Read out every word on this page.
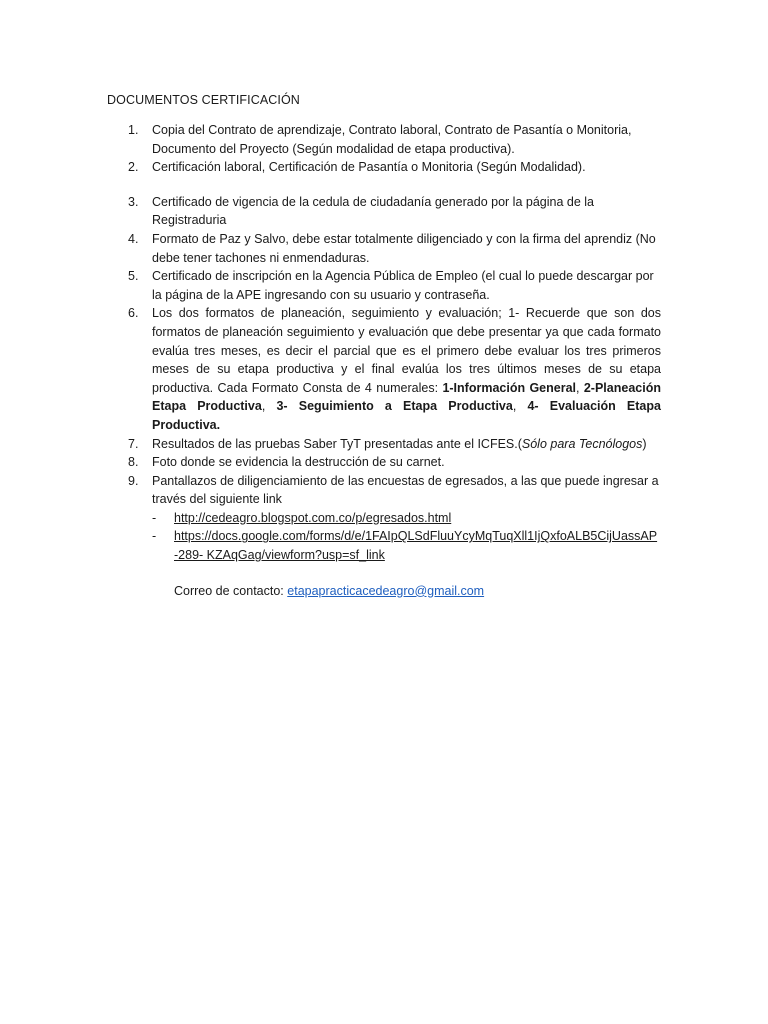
DOCUMENTOS CERTIFICACIÓN
1. Copia del Contrato de aprendizaje, Contrato laboral, Contrato de Pasantía o Monitoria, Documento del Proyecto (Según modalidad de etapa productiva).
2. Certificación laboral, Certificación de Pasantía o Monitoria (Según Modalidad).
3. Certificado de vigencia de la cedula de ciudadanía generado por la página de la Registraduria
4. Formato de Paz y Salvo, debe estar totalmente diligenciado y con la firma del aprendiz (No debe tener tachones ni enmendaduras.
5. Certificado de inscripción en la Agencia Pública de Empleo (el cual lo puede descargar por la página de la APE ingresando con su usuario y contraseña.
6. Los dos formatos de planeación, seguimiento y evaluación; 1- Recuerde que son dos formatos de planeación seguimiento y evaluación que debe presentar ya que cada formato evalúa tres meses, es decir el parcial que es el primero debe evaluar los tres primeros meses de su etapa productiva y el final evalúa los tres últimos meses de su etapa productiva. Cada Formato Consta de 4 numerales: 1-Información General, 2-Planeación Etapa Productiva, 3- Seguimiento a Etapa Productiva, 4- Evaluación Etapa Productiva.
7. Resultados de las pruebas Saber TyT presentadas ante el ICFES.(Sólo para Tecnólogos)
8. Foto donde se evidencia la destrucción de su carnet.
9. Pantallazos de diligenciamiento de las encuestas de egresados, a las que puede ingresar a través del siguiente link
- http://cedeagro.blogspot.com.co/p/egresados.html
- https://docs.google.com/forms/d/e/1FAIpQLSdFluuYcyMqTuqXll1IjQxfoALB5CijUassAP-289- KZAqGag/viewform?usp=sf_link
Correo de contacto: etapapracticacedeagro@gmail.com
